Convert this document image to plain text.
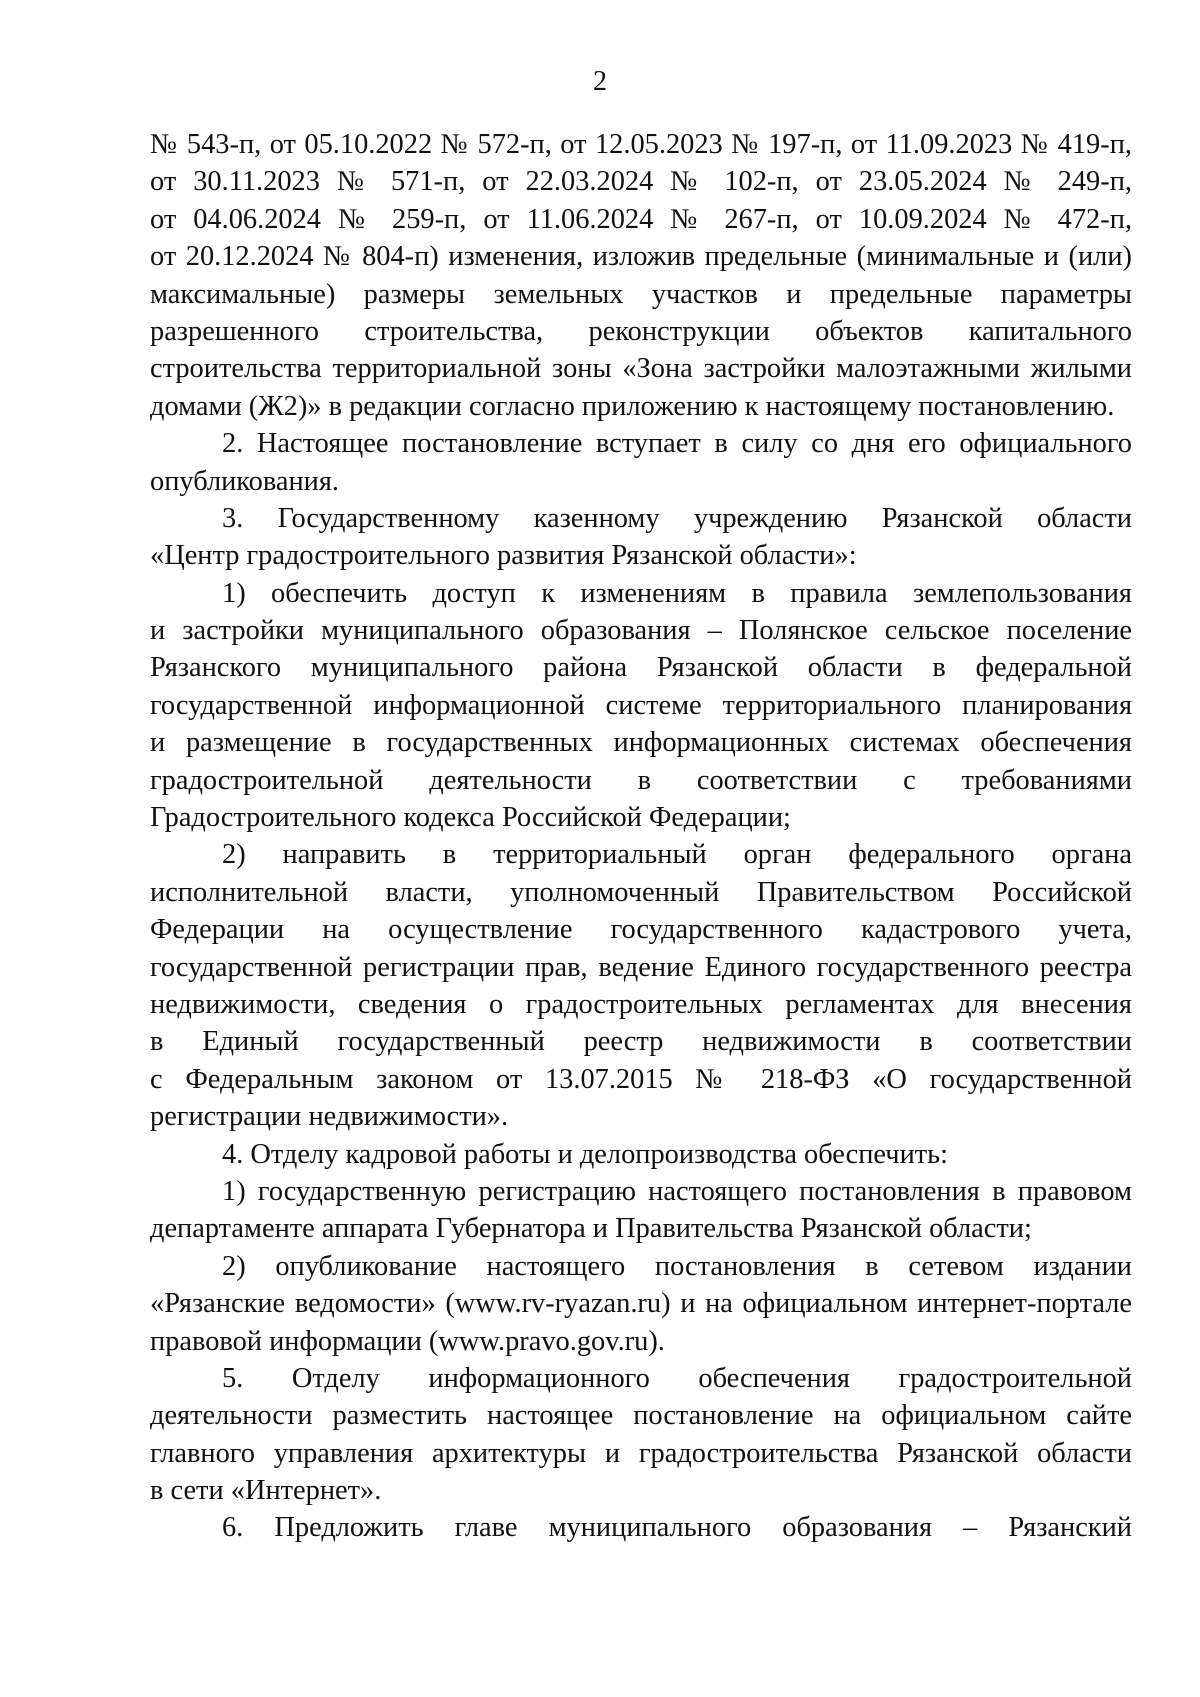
2

№ 543-п, от 05.10.2022 № 572-п, от 12.05.2023 № 197-п, от 11.09.2023 № 419-п,
от 30.11.2023 № 571-п, от 22.03.2024 № 102-п, от 23.05.2024 № 249-п,
от 04.06.2024 № 259-п, от 11.06.2024 № 267-п, от 10.09.2024 № 472-п,
от 20.12.2024 № 804-п) изменения, изложив предельные (минимальные и (или)
максимальные) размеры земельных участков и предельные параметры
разрешенного строительства, реконструкции объектов капитального
строительства территориальной зоны «Зона застройки малоэтажными жилыми
домами (Ж2)» в редакции согласно приложению к настоящему постановлению.

2. Настоящее постановление вступает в силу со дня его официального
опубликования.

3. Государственному казенному учреждению Рязанской области
«Центр градостроительного развития Рязанской области»:

1) обеспечить доступ к изменениям в правила землепользования
и застройки муниципального образования – Полянское сельское поселение
Рязанского муниципального района Рязанской области в федеральной
государственной информационной системе территориального планирования
и размещение в государственных информационных системах обеспечения
градостроительной деятельности в соответствии с требованиями
Градостроительного кодекса Российской Федерации;

2) направить в территориальный орган федерального органа
исполнительной власти, уполномоченный Правительством Российской
Федерации на осуществление государственного кадастрового учета,
государственной регистрации прав, ведение Единого государственного реестра
недвижимости, сведения о градостроительных регламентах для внесения
в Единый государственный реестр недвижимости в соответствии
с Федеральным законом от 13.07.2015 № 218-ФЗ «О государственной
регистрации недвижимости».

4. Отделу кадровой работы и делопроизводства обеспечить:

1) государственную регистрацию настоящего постановления в правовом
департаменте аппарата Губернатора и Правительства Рязанской области;

2) опубликование настоящего постановления в сетевом издании
«Рязанские ведомости» (www.rv-ryazan.ru) и на официальном интернет-портале
правовой информации (www.pravo.gov.ru).

5. Отделу информационного обеспечения градостроительной
деятельности разместить настоящее постановление на официальном сайте
главного управления архитектуры и градостроительства Рязанской области
в сети «Интернет».

6. Предложить главе муниципального образования – Рязанский
